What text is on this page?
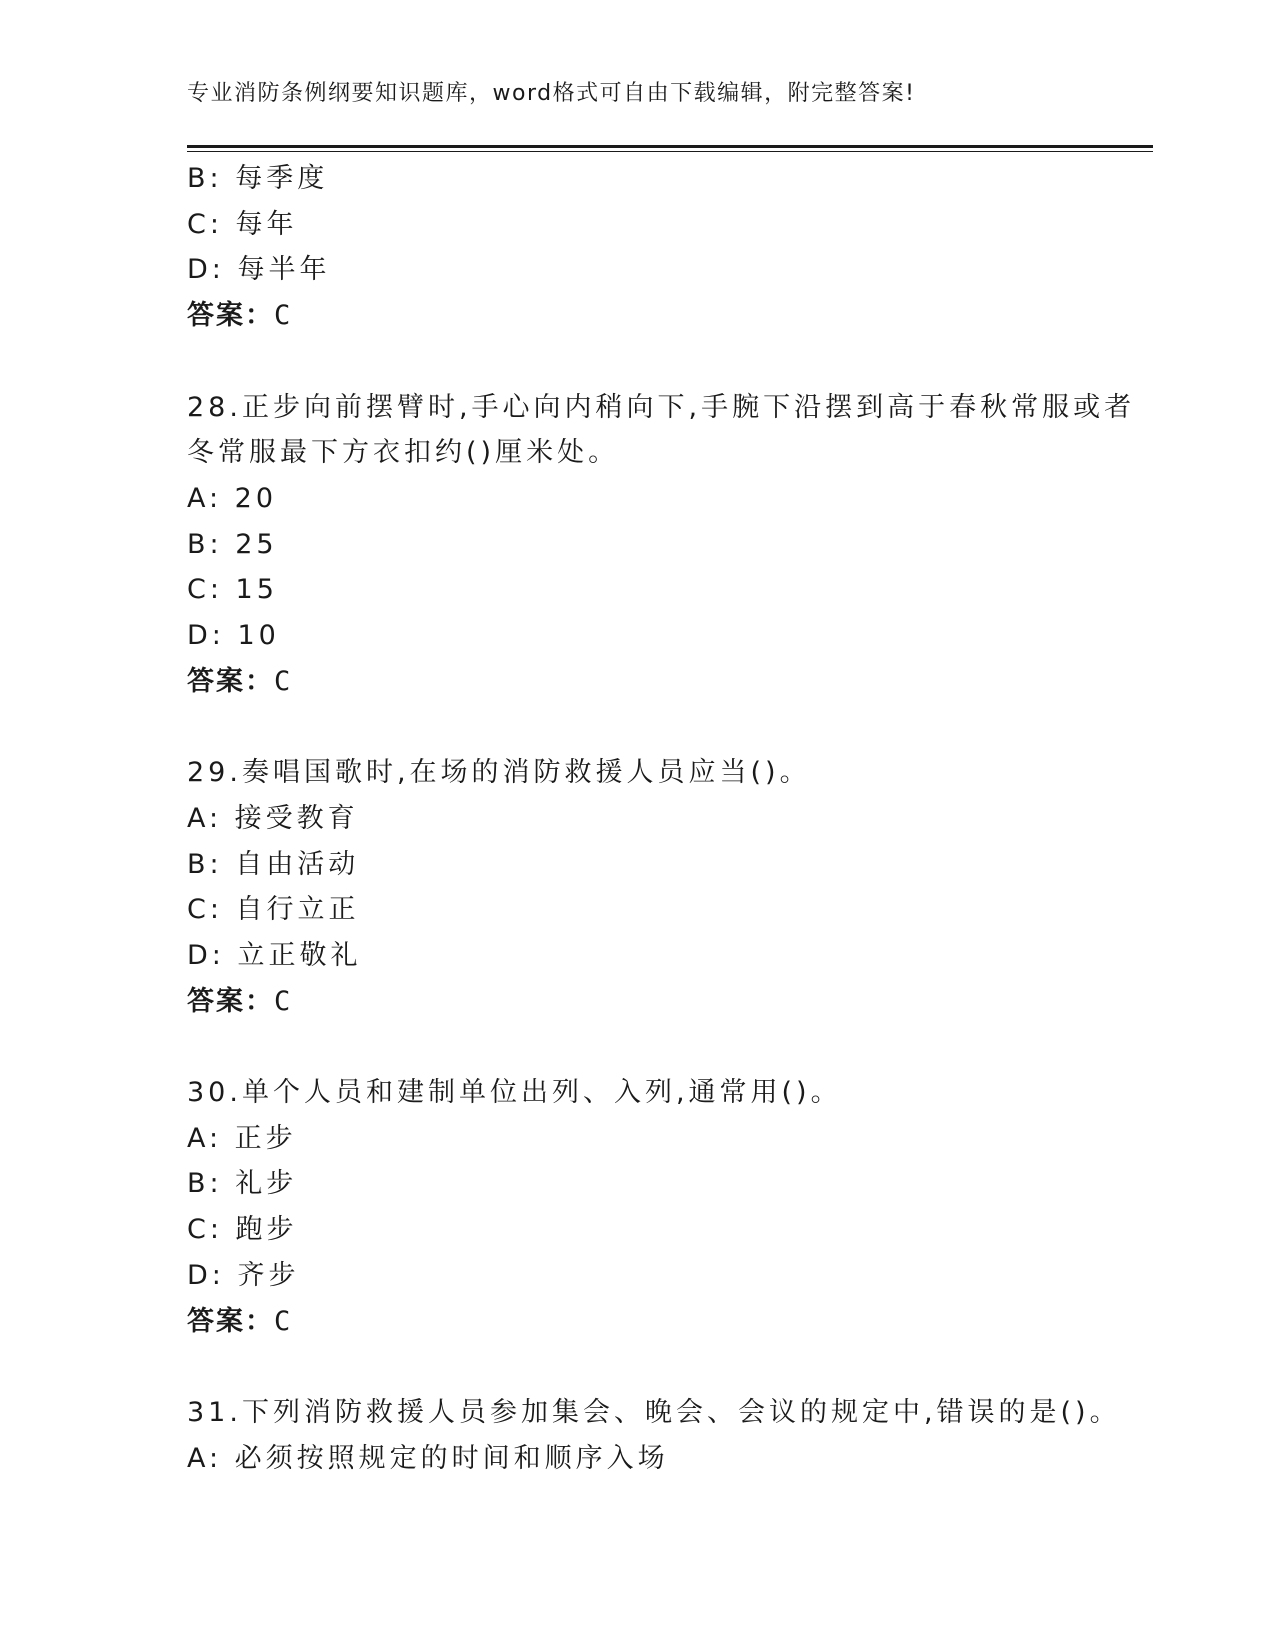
专业消防条例纲要知识题库，word格式可自由下载编辑，附完整答案!
B: 每季度
C: 每年
D: 每半年
答案：C
28.正步向前摆臂时,手心向内稍向下,手腕下沿摆到高于春秋常服或者
冬常服最下方衣扣约()厘米处。
A: 20
B: 25
C: 15
D: 10
答案：C
29.奏唱国歌时,在场的消防救援人员应当()。
A: 接受教育
B: 自由活动
C: 自行立正
D: 立正敬礼
答案：C
30.单个人员和建制单位出列、入列,通常用()。
A: 正步
B: 礼步
C: 跑步
D: 齐步
答案：C
31.下列消防救援人员参加集会、晚会、会议的规定中,错误的是()。
A: 必须按照规定的时间和顺序入场
